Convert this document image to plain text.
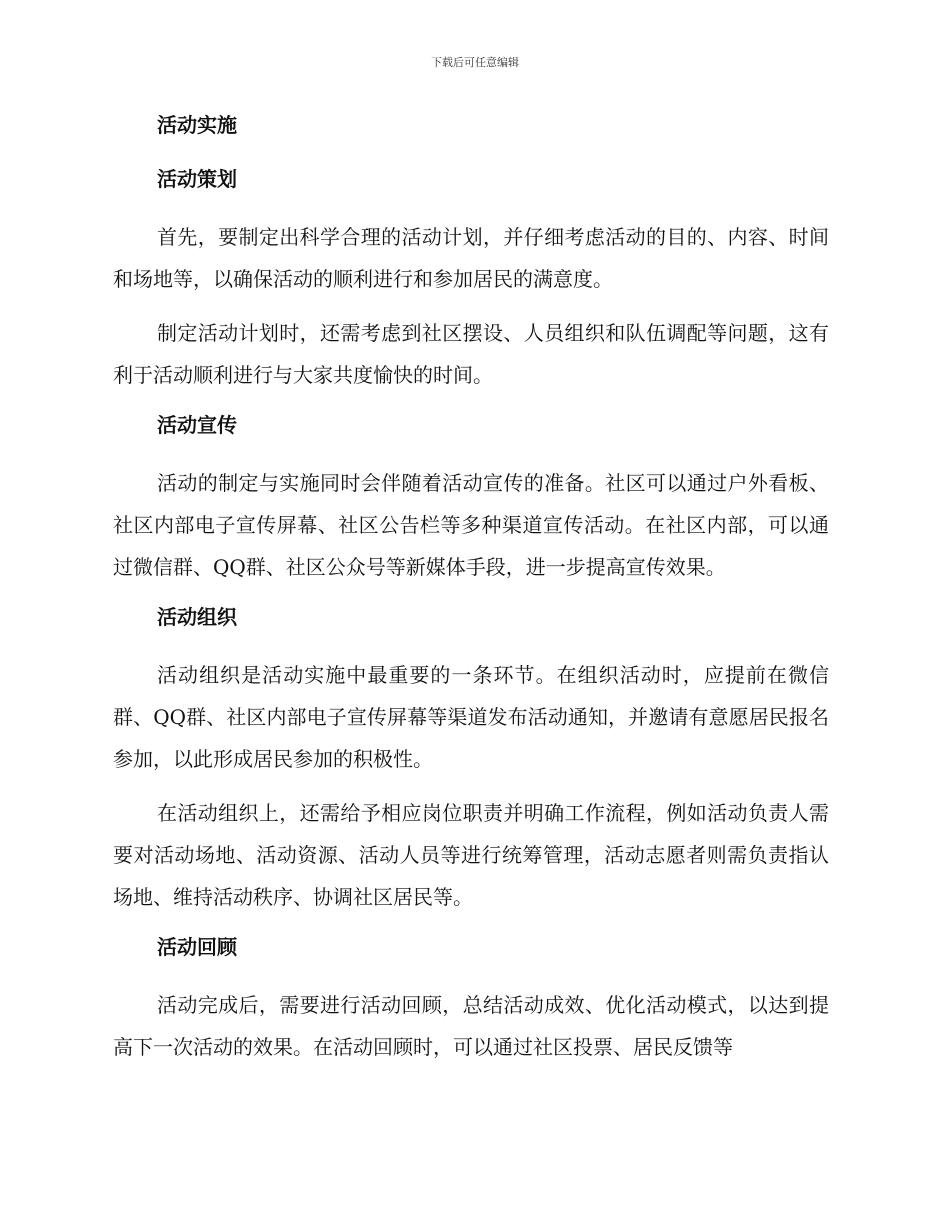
下载后可任意编辑
活动实施
活动策划

首先，要制定出科学合理的活动计划，并仔细考虑活动的目的、内容、时间和场地等，以确保活动的顺利进行和参加居民的满意度。

制定活动计划时，还需考虑到社区摆设、人员组织和队伍调配等问题，这有利于活动顺利进行与大家共度愉快的时间。

活动宣传

活动的制定与实施同时会伴随着活动宣传的准备。社区可以通过户外看板、社区内部电子宣传屏幕、社区公告栏等多种渠道宣传活动。在社区内部，可以通过微信群、QQ群、社区公众号等新媒体手段，进一步提高宣传效果。

活动组织

活动组织是活动实施中最重要的一条环节。在组织活动时，应提前在微信群、QQ群、社区内部电子宣传屏幕等渠道发布活动通知，并邀请有意愿居民报名参加，以此形成居民参加的积极性。

在活动组织上，还需给予相应岗位职责并明确工作流程，例如活动负责人需要对活动场地、活动资源、活动人员等进行统筹管理，活动志愿者则需负责指认场地、维持活动秩序、协调社区居民等。

活动回顾

活动完成后，需要进行活动回顾，总结活动成效、优化活动模式，以达到提高下一次活动的效果。在活动回顾时，可以通过社区投票、居民反馈等
